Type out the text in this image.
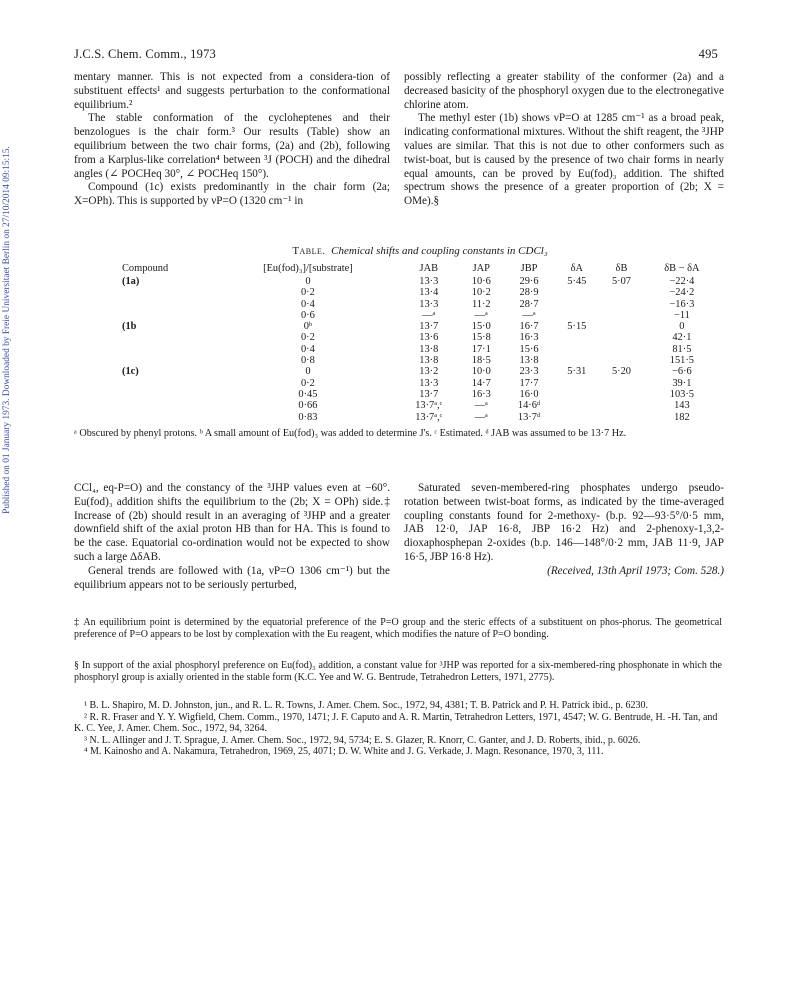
J.C.S. Chem. Comm., 1973	495
Published on 01 January 1973. Downloaded by Freie Universitaet Berlin on 27/10/2014 09:15:15.

mentary manner. This is not expected from a considera-tion of substituent effects¹ and suggests perturbation to the conformational equilibrium.²

The stable conformation of the cycloheptenes and their benzologues is the chair form.³ Our results (Table) show an equilibrium between the two chair forms, (2a) and (2b), following from a Karplus-like correlation⁴ between ³J (POCH) and the dihedral angles (∠ POCHeq 30°, ∠ POCHeq 150°).

Compound (1c) exists predominantly in the chair form (2a; X=OPh). This is supported by νP=O (1320 cm⁻¹ in

possibly reflecting a greater stability of the conformer (2a) and a decreased basicity of the phosphoryl oxygen due to the electronegative chlorine atom.

The methyl ester (1b) shows νP=O at 1285 cm⁻¹ as a broad peak, indicating conformational mixtures. Without the shift reagent, the ³JHP values are similar. That this is not due to other conformers such as twist-boat, but is caused by the presence of two chair forms in nearly equal amounts, can be proved by Eu(fod)₃ addition. The shifted spectrum shows the presence of a greater proportion of (2b; X = OMe).§

Table. Chemical shifts and coupling constants in CDCl₃
Compound	[Eu(fod)₃]/[substrate]	JAB	JAP	JBP	δA	δB	δB − δA
(1a)	0	13·3	10·6	29·6	5·45	5·07	−22·4
	0·2	13·4	10·2	28·9			−24·2
	0·4	13·3	11·2	28·7			−16·3
	0·6	—ᵃ	—ᵃ	—ᵃ			−11
(1b	0ᵇ	13·7	15·0	16·7	5·15		0
	0·2	13·6	15·8	16·3			42·1
	0·4	13·8	17·1	15·6			81·5
	0·8	13·8	18·5	13·8			151·5
(1c)	0	13·2	10·0	23·3	5·31	5·20	−6·6
	0·2	13·3	14·7	17·7			39·1
	0·45	13·7	16·3	16·0			103·5
	0·66	13·7ᵃ,ᶜ	—ᵃ	14·6ᵈ			143
	0·83	13·7ᵃ,ᶜ	—ᵃ	13·7ᵈ			182
ᵃ Obscured by phenyl protons. ᵇ A small amount of Eu(fod)₃ was added to determine J's. ᶜ Estimated. ᵈ JAB was assumed to be 13·7 Hz.

CCl₄, eq-P=O) and the constancy of the ³JHP values even at −60°. Eu(fod)₃ addition shifts the equilibrium to the (2b; X = OPh) side.‡ Increase of (2b) should result in an averaging of ³JHP and a greater downfield shift of the axial proton HB than for HA. This is found to be the case. Equatorial co-ordination would not be expected to show such a large ΔδAB.

General trends are followed with (1a, νP=O 1306 cm⁻¹) but the equilibrium appears not to be seriously perturbed,

Saturated seven-membered-ring phosphates undergo pseudo-rotation between twist-boat forms, as indicated by the time-averaged coupling constants found for 2-methoxy- (b.p. 92—93·5°/0·5 mm, JAB 12·0, JAP 16·8, JBP 16·2 Hz) and 2-phenoxy-1,3,2-dioxaphosphepan 2-oxides (b.p. 146—148°/0·2 mm, JAB 11·9, JAP 16·5, JBP 16·8 Hz).

(Received, 13th April 1973; Com. 528.)

‡ An equilibrium point is determined by the equatorial preference of the P=O group and the steric effects of a substituent on phos-phorus. The geometrical preference of P=O appears to be lost by complexation with the Eu reagent, which modifies the nature of P=O bonding.
§ In support of the axial phosphoryl preference on Eu(fod)₃ addition, a constant value for ³JHP was reported for a six-membered-ring phosphonate in which the phosphoryl group is axially oriented in the stable form (K.C. Yee and W. G. Bentrude, Tetrahedron Letters, 1971, 2775).
¹ B. L. Shapiro, M. D. Johnston, jun., and R. L. R. Towns, J. Amer. Chem. Soc., 1972, 94, 4381; T. B. Patrick and P. H. Patrick ibid., p. 6230.
² R. R. Fraser and Y. Y. Wigfield, Chem. Comm., 1970, 1471; J. F. Caputo and A. R. Martin, Tetrahedron Letters, 1971, 4547; W. G. Bentrude, H. -H. Tan, and K. C. Yee, J. Amer. Chem. Soc., 1972, 94, 3264.
³ N. L. Allinger and J. T. Sprague, J. Amer. Chem. Soc., 1972, 94, 5734; E. S. Glazer, R. Knorr, C. Ganter, and J. D. Roberts, ibid., p. 6026.
⁴ M. Kainosho and A. Nakamura, Tetrahedron, 1969, 25, 4071; D. W. White and J. G. Verkade, J. Magn. Resonance, 1970, 3, 111.
